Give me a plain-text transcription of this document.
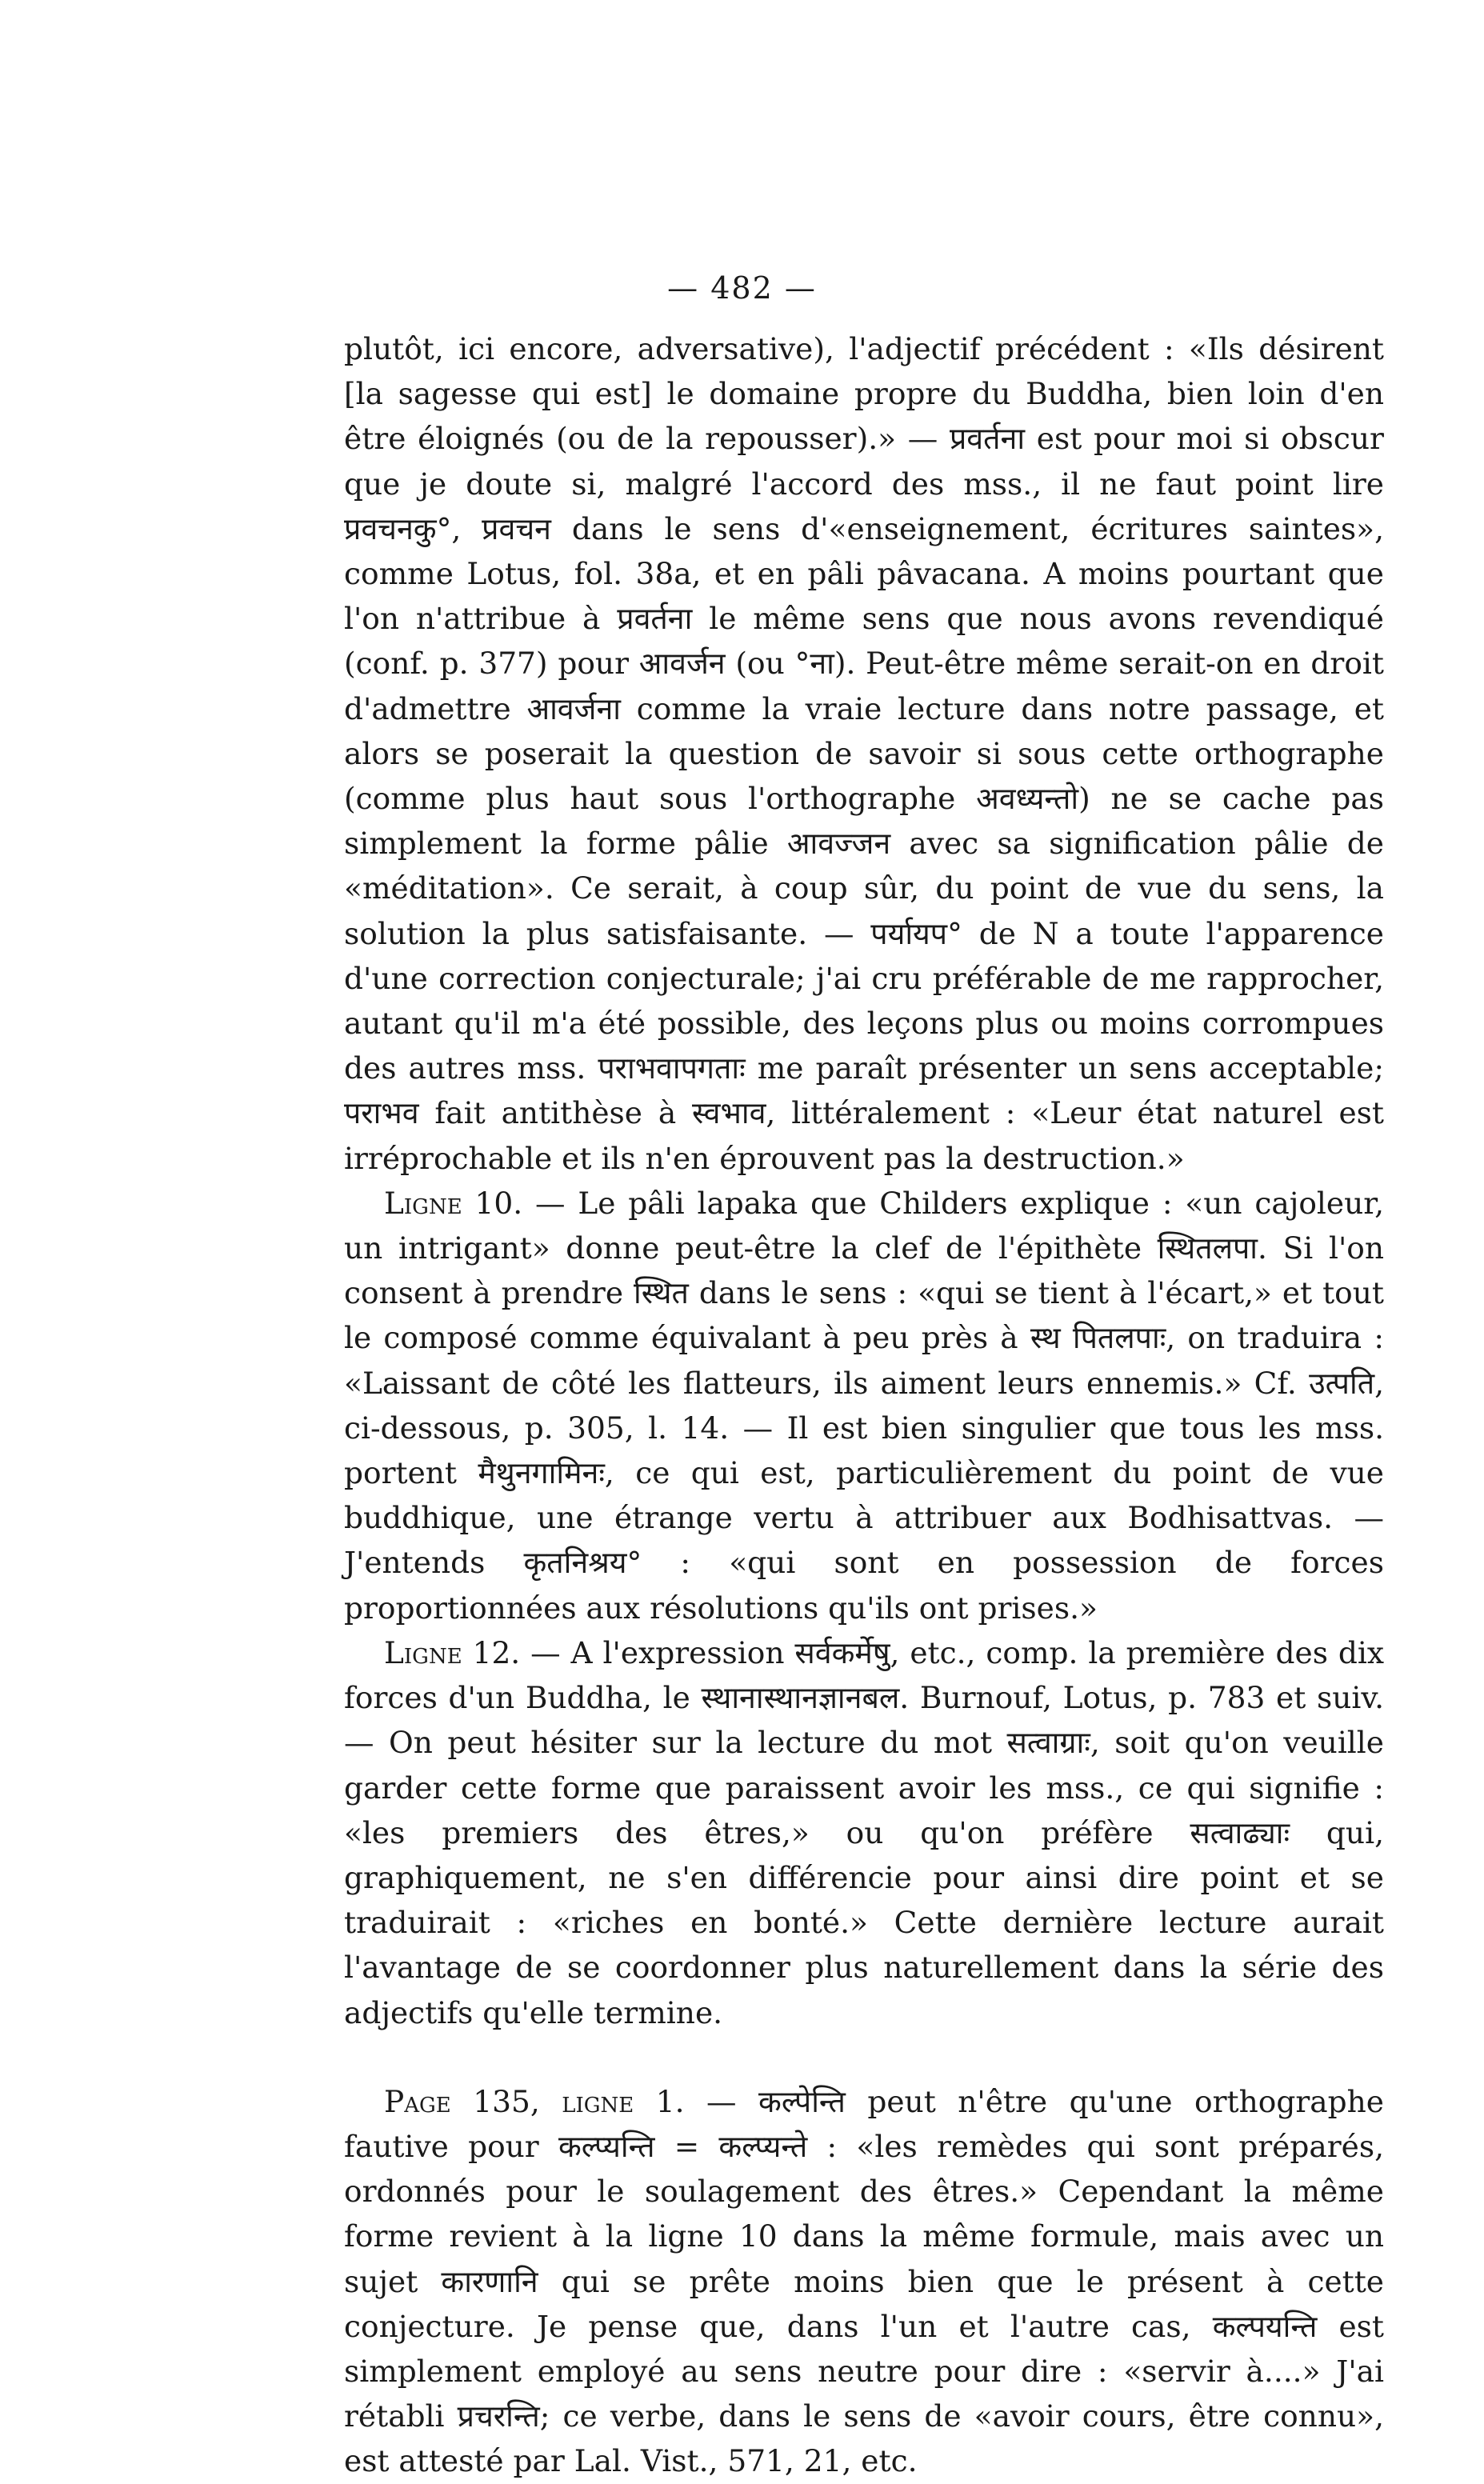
— 482 —

plutôt, ici encore, adversative), l'adjectif précédent : «Ils désirent [la sagesse qui est] le domaine propre du Buddha, bien loin d'en être éloignés (ou de la repousser).» — प्रवर्तना est pour moi si obscur que je doute si, malgré l'accord des mss., il ne faut point lire प्रवचनकु°, प्रवचन dans le sens d'«enseignement, écritures saintes», comme Lotus, fol. 38a, et en pâli pâvacana. A moins pourtant que l'on n'attribue à प्रवर्तना le même sens que nous avons revendiqué (conf. p. 377) pour आवर्जन (ou °ना). Peut-être même serait-on en droit d'admettre आवर्जना comme la vraie lecture dans notre passage, et alors se poserait la question de savoir si sous cette orthographe (comme plus haut sous l'orthographe अवध्यन्तो) ne se cache pas simplement la forme pâlie आवज्जन avec sa signification pâlie de «méditation». Ce serait, à coup sûr, du point de vue du sens, la solution la plus satisfaisante. — पर्यायप° de N a toute l'apparence d'une correction conjecturale; j'ai cru préférable de me rapprocher, autant qu'il m'a été possible, des leçons plus ou moins corrompues des autres mss. पराभवापगताः me paraît présenter un sens acceptable; पराभव fait antithèse à स्वभाव, littéralement : «Leur état naturel est irréprochable et ils n'en éprouvent pas la destruction.»

Ligne 10. — Le pâli lapaka que Childers explique : «un cajoleur, un intrigant» donne peut-être la clef de l'épithète स्थितलपा. Si l'on consent à prendre स्थित dans le sens : «qui se tient à l'écart,» et tout le composé comme équivalant à peu près à स्थ पितलपाः, on traduira : «Laissant de côté les flatteurs, ils aiment leurs ennemis.» Cf. उत्पति, ci-dessous, p. 305, l. 14. — Il est bien singulier que tous les mss. portent मैथुनगामिनः, ce qui est, particulièrement du point de vue buddhique, une étrange vertu à attribuer aux Bodhisattvas. — J'entends कृतनिश्रय° : «qui sont en possession de forces proportionnées aux résolutions qu'ils ont prises.»

Ligne 12. — A l'expression सर्वकर्मेषु, etc., comp. la première des dix forces d'un Buddha, le स्थानास्थानज्ञानबल. Burnouf, Lotus, p. 783 et suiv. — On peut hésiter sur la lecture du mot सत्वाग्राः, soit qu'on veuille garder cette forme que paraissent avoir les mss., ce qui signifie : «les premiers des êtres,» ou qu'on préfère सत्वाढ्याः qui, graphiquement, ne s'en différencie pour ainsi dire point et se traduirait : «riches en bonté.» Cette dernière lecture aurait l'avantage de se coordonner plus naturellement dans la série des adjectifs qu'elle termine.

Page 135, ligne 1. — कल्पेन्ति peut n'être qu'une orthographe fautive pour कल्प्यन्ति = कल्प्यन्ते : «les remèdes qui sont préparés, ordonnés pour le soulagement des êtres.» Cependant la même forme revient à la ligne 10 dans la même formule, mais avec un sujet कारणानि qui se prête moins bien que le présent à cette conjecture. Je pense que, dans l'un et l'autre cas, कल्पयन्ति est simplement employé au sens neutre pour dire : «servir à....» J'ai rétabli प्रचरन्ति; ce verbe, dans le sens de «avoir cours, être connu», est attesté par Lal. Vist., 571, 21, etc.
